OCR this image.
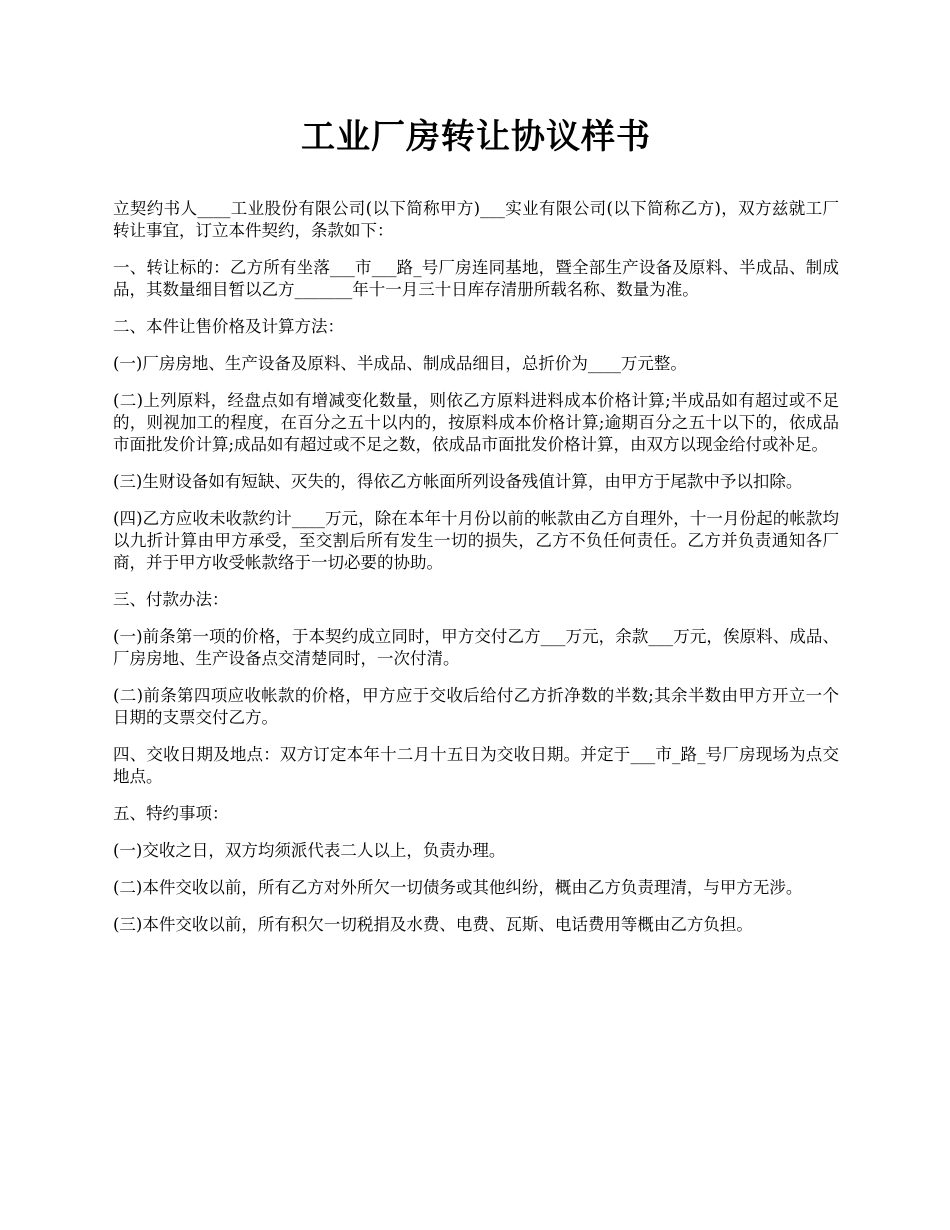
工业厂房转让协议样书

立契约书人____工业股份有限公司(以下简称甲方)___实业有限公司(以下简称乙方)，双方兹就工厂转让事宜，订立本件契约，条款如下：

一、转让标的：乙方所有坐落___市___路_号厂房连同基地，暨全部生产设备及原料、半成品、制成品，其数量细目暂以乙方_______年十一月三十日库存清册所载名称、数量为准。

二、本件让售价格及计算方法：

(一)厂房房地、生产设备及原料、半成品、制成品细目，总折价为____万元整。

(二)上列原料，经盘点如有增减变化数量，则依乙方原料进料成本价格计算;半成品如有超过或不足的，则视加工的程度，在百分之五十以内的，按原料成本价格计算;逾期百分之五十以下的，依成品市面批发价计算;成品如有超过或不足之数，依成品市面批发价格计算，由双方以现金给付或补足。

(三)生财设备如有短缺、灭失的，得依乙方帐面所列设备残值计算，由甲方于尾款中予以扣除。

(四)乙方应收未收款约计____万元，除在本年十月份以前的帐款由乙方自理外，十一月份起的帐款均以九折计算由甲方承受，至交割后所有发生一切的损失，乙方不负任何责任。乙方并负责通知各厂商，并于甲方收受帐款络于一切必要的协助。

三、付款办法：

(一)前条第一项的价格，于本契约成立同时，甲方交付乙方___万元，余款___万元，俟原料、成品、厂房房地、生产设备点交清楚同时，一次付清。

(二)前条第四项应收帐款的价格，甲方应于交收后给付乙方折净数的半数;其余半数由甲方开立一个日期的支票交付乙方。

四、交收日期及地点：双方订定本年十二月十五日为交收日期。并定于___市_路_号厂房现场为点交地点。

五、特约事项：

(一)交收之日，双方均须派代表二人以上，负责办理。

(二)本件交收以前，所有乙方对外所欠一切债务或其他纠纷，概由乙方负责理清，与甲方无涉。

(三)本件交收以前，所有积欠一切税捐及水费、电费、瓦斯、电话费用等概由乙方负担。
